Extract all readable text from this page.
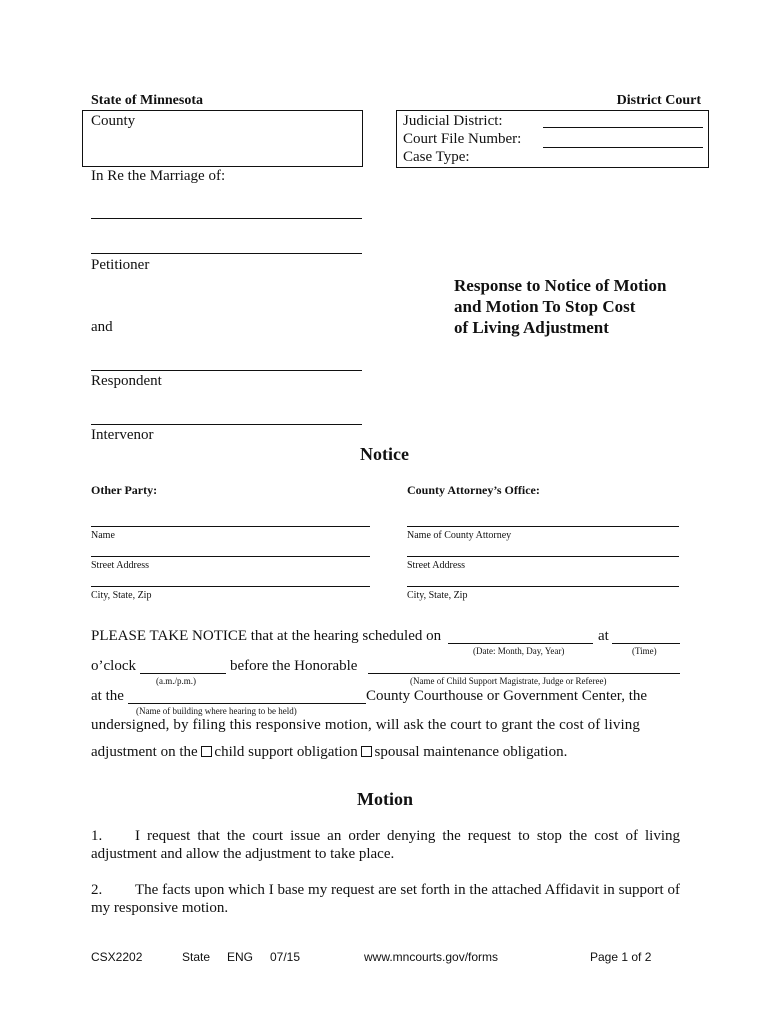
State of Minnesota	District Court
County	Judicial District:
Court File Number:
Case Type:
In Re the Marriage of:
Petitioner
and
Respondent
Intervenor
Response to Notice of Motion
and Motion To Stop Cost
of Living Adjustment
Notice
Other Party:	County Attorney’s Office:
Name	Name of County Attorney
Street Address	Street Address
City, State, Zip	City, State, Zip
PLEASE TAKE NOTICE that at the hearing scheduled on	at
(Date: Month, Day, Year)	(Time)
o’clock	before the Honorable
(a.m./p.m.)	(Name of Child Support Magistrate, Judge or Referee)
at the	County Courthouse or Government Center, the
(Name of building where hearing to be held)
undersigned, by filing this responsive motion, will ask the court to grant the cost of living
adjustment on the child support obligation spousal maintenance obligation.
Motion
1. I request that the court issue an order denying the request to stop the cost of living adjustment and allow the adjustment to take place.
2. The facts upon which I base my request are set forth in the attached Affidavit in support of my responsive motion.
CSX2202	State ENG 07/15	www.mncourts.gov/forms	Page 1 of 2
